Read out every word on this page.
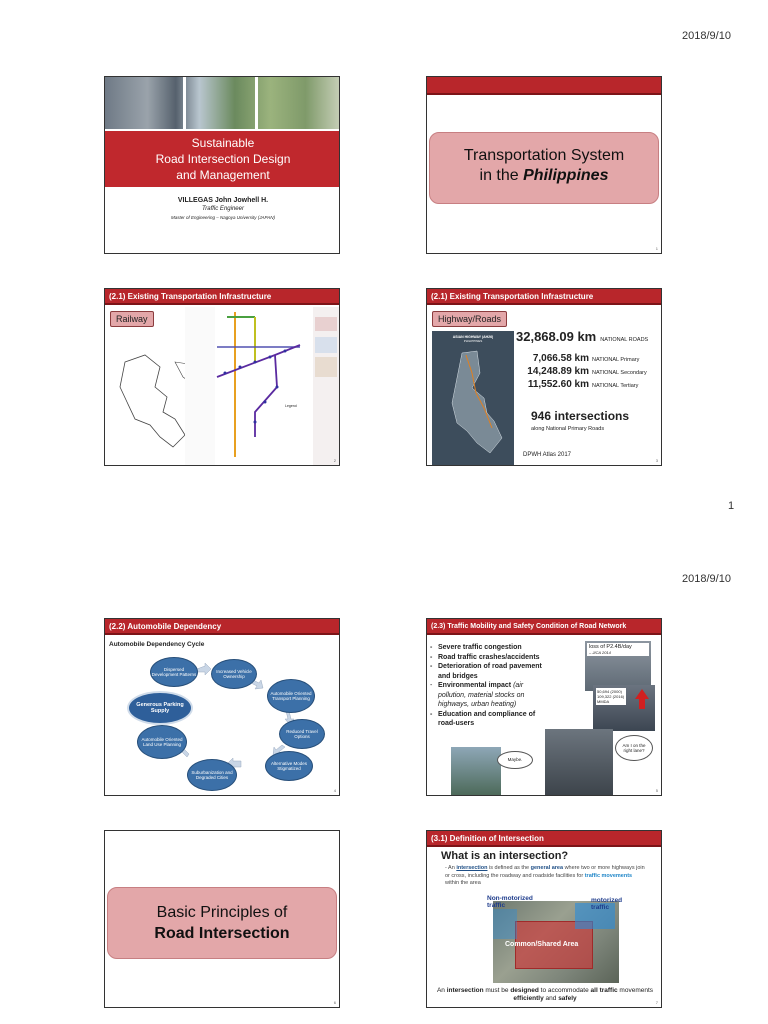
2018/9/10
Sustainable
Road Intersection Design
and Management
VILLEGAS John Jowhell H.
Traffic Engineer
Master of Engineering – Nagoya University (JAPAN)
Transportation System
in the Philippines
1
(2.1) Existing Transportation Infrastructure
Railway
Legend
2
(2.1) Existing Transportation Infrastructure
Highway/Roads
ASIAN HIGHWAY (AH26)
PHILIPPINES	32,868.09 km NATIONAL ROADS
7,066.58 km NATIONAL Primary
14,248.89 km NATIONAL Secondary
11,552.60 km NATIONAL Tertiary
946 intersections
along National Primary Roads
DPWH Atlas 2017
3
1
2018/9/10
(2.2) Automobile Dependency
Automobile Dependency Cycle
Dispersed Development Patterns
Increased Vehicle Ownership
Automobile Oriented Transport Planning
Reduced Travel Options
Alternative Modes Stigmatized
Suburbanization and Degraded Cities
Automobile Oriented Land Use Planning
Generous Parking Supply
4
(2.3) Traffic Mobility and Safety Condition of Road Network
- Severe traffic congestion
- Road traffic crashes/accidents
- Deterioration of road pavement and bridges
- Environmental impact (air pollution, material stocks on highways, urban heating)
- Education and compliance of road-users
loss of P2.4B/day
– JICA 2014
50,694 (2000) 109,322 (2016) MMDA
Maybe.
Am I on the right lane?
5
Basic Principles of
Road Intersection
6
(3.1) Definition of Intersection
What is an intersection?
- An intersection is defined as the general area where two or more highways join or cross, including the roadway and roadside facilities for traffic movements within the area
Non-motorized traffic
motorized traffic
Common/Shared Area
An intersection must be designed to accommodate all traffic movements efficiently and safely
7
